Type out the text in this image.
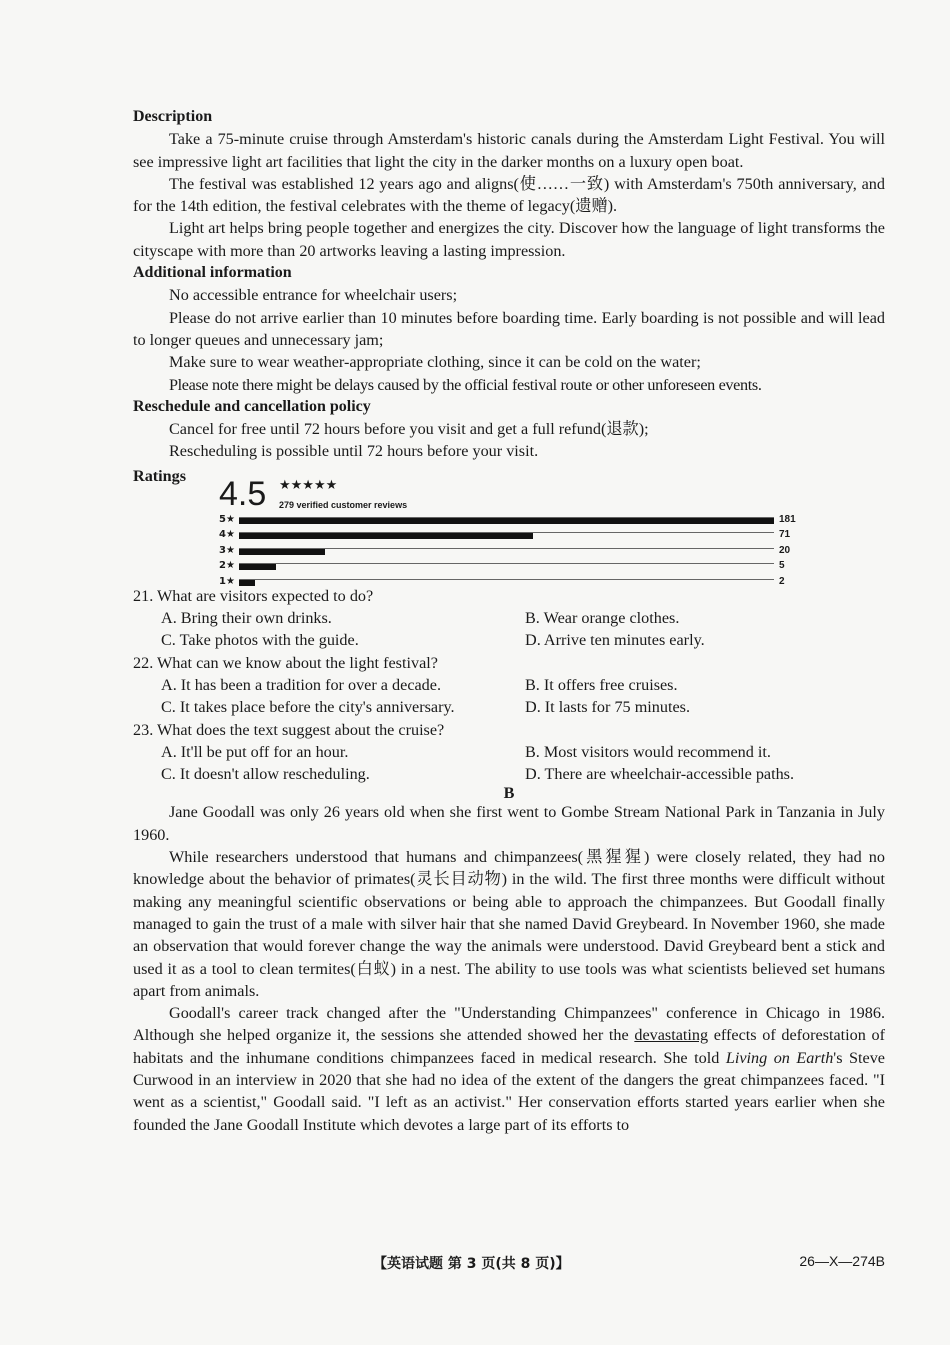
Description

Take a 75-minute cruise through Amsterdam's historic canals during the Amsterdam Light Festival. You will see impressive light art facilities that light the city in the darker months on a luxury open boat.

The festival was established 12 years ago and aligns(使……一致) with Amsterdam's 750th anniversary, and for the 14th edition, the festival celebrates with the theme of legacy(遗赠).

Light art helps bring people together and energizes the city. Discover how the language of light transforms the cityscape with more than 20 artworks leaving a lasting impression.

Additional information

No accessible entrance for wheelchair users;

Please do not arrive earlier than 10 minutes before boarding time. Early boarding is not possible and will lead to longer queues and unnecessary jam;

Make sure to wear weather-appropriate clothing, since it can be cold on the water;

Please note there might be delays caused by the official festival route or other unforeseen events.

Reschedule and cancellation policy

Cancel for free until 72 hours before you visit and get a full refund(退款);

Rescheduling is possible until 72 hours before your visit.

Ratings 4.5 ★★★★★
279 verified customer reviews
5★	181
4★	71
3★	20
2★	5
1★	2

21. What are visitors expected to do?

A. Bring their own drinks.	B. Wear orange clothes.
C. Take photos with the guide.	D. Arrive ten minutes early.

22. What can we know about the light festival?

A. It has been a tradition for over a decade.	B. It offers free cruises.
C. It takes place before the city's anniversary.	D. It lasts for 75 minutes.

23. What does the text suggest about the cruise?

A. It'll be put off for an hour.	B. Most visitors would recommend it.
C. It doesn't allow rescheduling.	D. There are wheelchair-accessible paths.

B

Jane Goodall was only 26 years old when she first went to Gombe Stream National Park in Tanzania in July 1960.

While researchers understood that humans and chimpanzees(黑猩猩) were closely related, they had no knowledge about the behavior of primates(灵长目动物) in the wild. The first three months were difficult without making any meaningful scientific observations or being able to approach the chimpanzees. But Goodall finally managed to gain the trust of a male with silver hair that she named David Greybeard. In November 1960, she made an observation that would forever change the way the animals were understood. David Greybeard bent a stick and used it as a tool to clean termites(白蚁) in a nest. The ability to use tools was what scientists believed set humans apart from animals.

Goodall's career track changed after the "Understanding Chimpanzees" conference in Chicago in 1986. Although she helped organize it, the sessions she attended showed her the devastating effects of deforestation of habitats and the inhumane conditions chimpanzees faced in medical research. She told Living on Earth's Steve Curwood in an interview in 2020 that she had no idea of the extent of the dangers the great chimpanzees faced. "I went as a scientist," Goodall said. "I left as an activist." Her conservation efforts started years earlier when she founded the Jane Goodall Institute which devotes a large part of its efforts to

【英语试题 第 3 页(共 8 页)】	26—X—274B
